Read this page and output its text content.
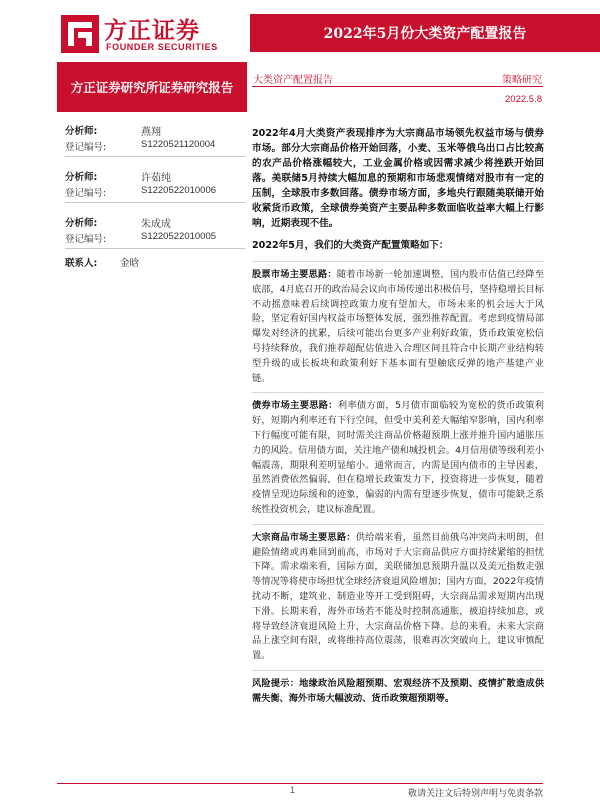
方正证券
FOUNDER SECURITIES
2022年5月份大类资产配置报告
方正证券研究所证券研究报告
分析师:	燕翔
登记编号:	S1220521120004
分析师:	许茹纯
登记编号:	S1220522010006
分析师:	朱成成
登记编号:	S1220522010005
联系人: 金晗
大类资产配置报告	策略研究
2022.5.8

2022年4月大类资产表现排序为大宗商品市场领先权益市场与债券市场。部分大宗商品价格开始回落，小麦、玉米等俄乌出口占比较高的农产品价格涨幅较大，工业金属价格或因需求减少将挫跌开始回落。美联储5月持续大幅加息的预期和市场悲观情绪对股市有一定的压制，全球股市多数回落。债券市场方面，多地央行跟随美联储开始收紧货币政策，全球债券美资产主要品种多数面临收益率大幅上行影响，近期表现不佳。

2022年5月，我们的大类资产配置策略如下：

股票市场主要思路：随着市场新一轮加速调整，国内股市估值已经降至底部，4月底召开的政治局会议向市场传递出积极信号，坚持稳增长目标不动摇意味着后续调控政策力度有望加大，市场未来的机会远大于风险，坚定看好国内权益市场整体发展，强烈推荐配置。考虑到疫情局部爆发对经济的扰累，后续可能出台更多产业利好政策，货币政策宽松信号持续释放，我们推荐超配估值进入合理区间且符合中长期产业结构转型升级的成长板块和政策利好下基本面有望触底反弹的地产基建产业链。

债券市场主要思路：利率债方面，5月债市面临较为宽松的货币政策利好，短期内利率还有下行空间，但受中美利差大幅缩窄影响，国内利率下行幅度可能有限，同时需关注商品价格超预期上涨并推升国内通胀压力的风险。信用债方面，关注地产债和城投机会。4月信用债等级利差小幅震荡，期限利差明显缩小。通常而言，内需是国内债市的主导因素，虽然消费依然偏弱，但在稳增长政策发力下，投资将进一步恢复，随着疫情呈现边际缓和的迹象，偏弱的内需有望逐步恢复，债市可能缺乏系统性投资机会，建议标准配置。

大宗商品市场主要思路：供给端来看，虽然目前俄乌冲突尚未明朗，但避险情绪或再难回到前高，市场对于大宗商品供应方面持续紧缩的担忧下降。需求端来看，国际方面，美联储加息预期升温以及美元指数走强等情况等将使市场担忧全球经济衰退风险增加；国内方面，2022年疫情扰动不断，建筑业、制造业等开工受到阻碍，大宗商品需求短期内出现下滑。长期来看，海外市场若不能及时控制高通胀，被迫持续加息，或将导致经济衰退风险上升，大宗商品价格下降。总的来看，未来大宗商品上涨空间有限，或将维持高位震荡，很难再次突破向上，建议审慎配置。

风险提示：地缘政治风险超预期、宏观经济不及预期、疫情扩散造成供需失衡、海外市场大幅波动、货币政策超预期等。

1	敬请关注文后特别声明与免责条款
